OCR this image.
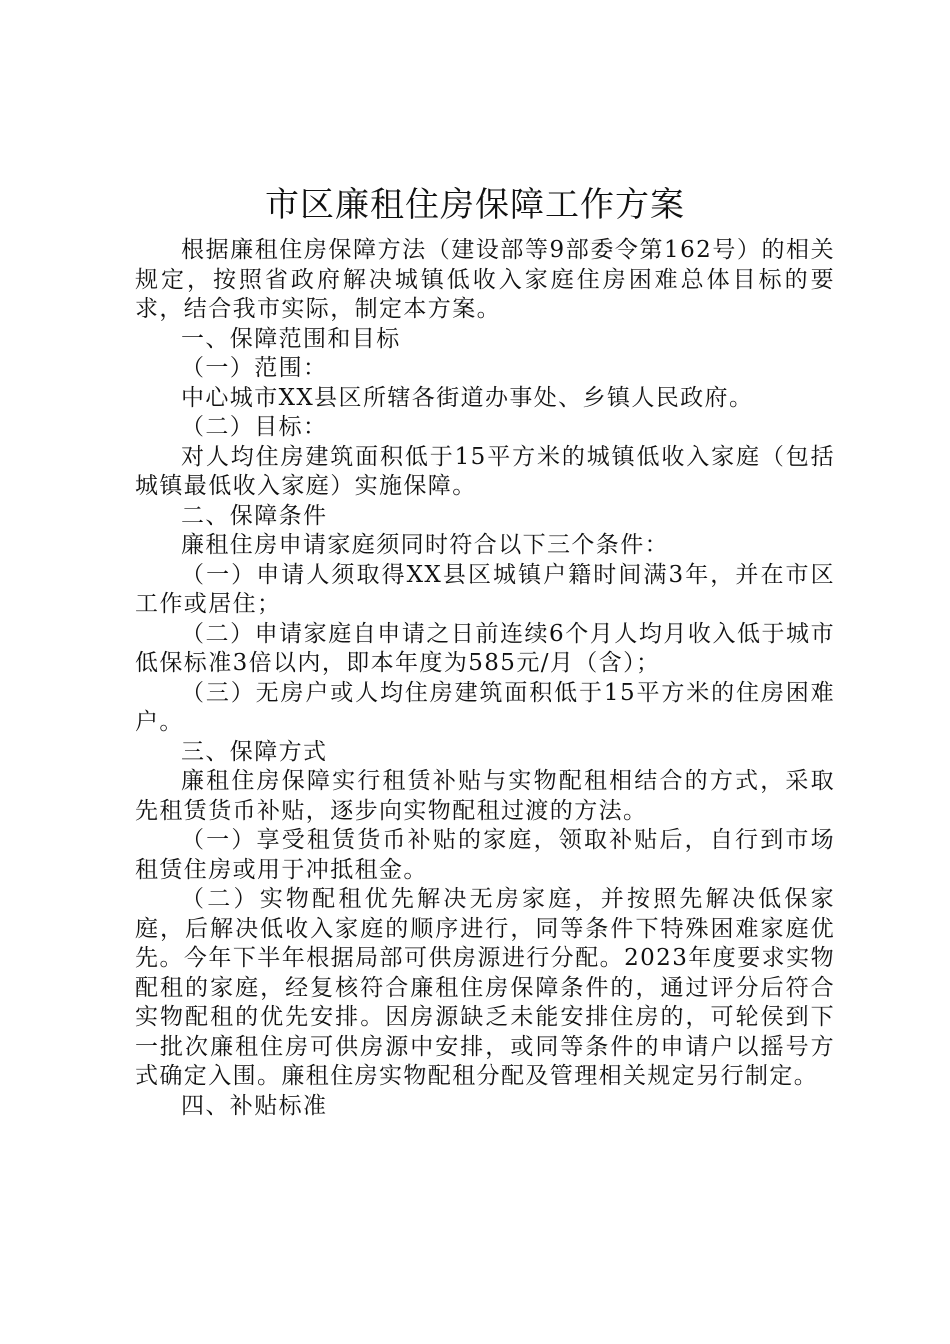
市区廉租住房保障工作方案

根据廉租住房保障方法（建设部等9部委令第162号）的相关规定，按照省政府解决城镇低收入家庭住房困难总体目标的要求，结合我市实际，制定本方案。

一、保障范围和目标

（一）范围：

中心城市XX县区所辖各街道办事处、乡镇人民政府。

（二）目标：

对人均住房建筑面积低于15平方米的城镇低收入家庭（包括城镇最低收入家庭）实施保障。

二、保障条件

廉租住房申请家庭须同时符合以下三个条件：

（一）申请人须取得XX县区城镇户籍时间满3年，并在市区工作或居住；

（二）申请家庭自申请之日前连续6个月人均月收入低于城市低保标准3倍以内，即本年度为585元/月（含）；

（三）无房户或人均住房建筑面积低于15平方米的住房困难户。

三、保障方式

廉租住房保障实行租赁补贴与实物配租相结合的方式，采取先租赁货币补贴，逐步向实物配租过渡的方法。

（一）享受租赁货币补贴的家庭，领取补贴后，自行到市场租赁住房或用于冲抵租金。

（二）实物配租优先解决无房家庭，并按照先解决低保家庭，后解决低收入家庭的顺序进行，同等条件下特殊困难家庭优先。今年下半年根据局部可供房源进行分配。2023年度要求实物配租的家庭，经复核符合廉租住房保障条件的，通过评分后符合实物配租的优先安排。因房源缺乏未能安排住房的，可轮侯到下一批次廉租住房可供房源中安排，或同等条件的申请户以摇号方式确定入围。廉租住房实物配租分配及管理相关规定另行制定。

四、补贴标准
